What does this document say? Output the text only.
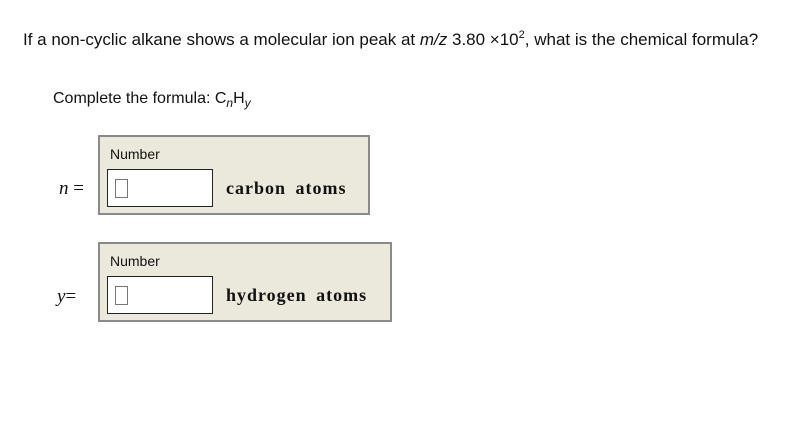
If a non-cyclic alkane shows a molecular ion peak at m/z $3.80 \times 10^2$, what is the chemical formula?
Complete the formula: $C_nH_y$
n =
Number
carbon atoms
y=
Number
hydrogen atoms
